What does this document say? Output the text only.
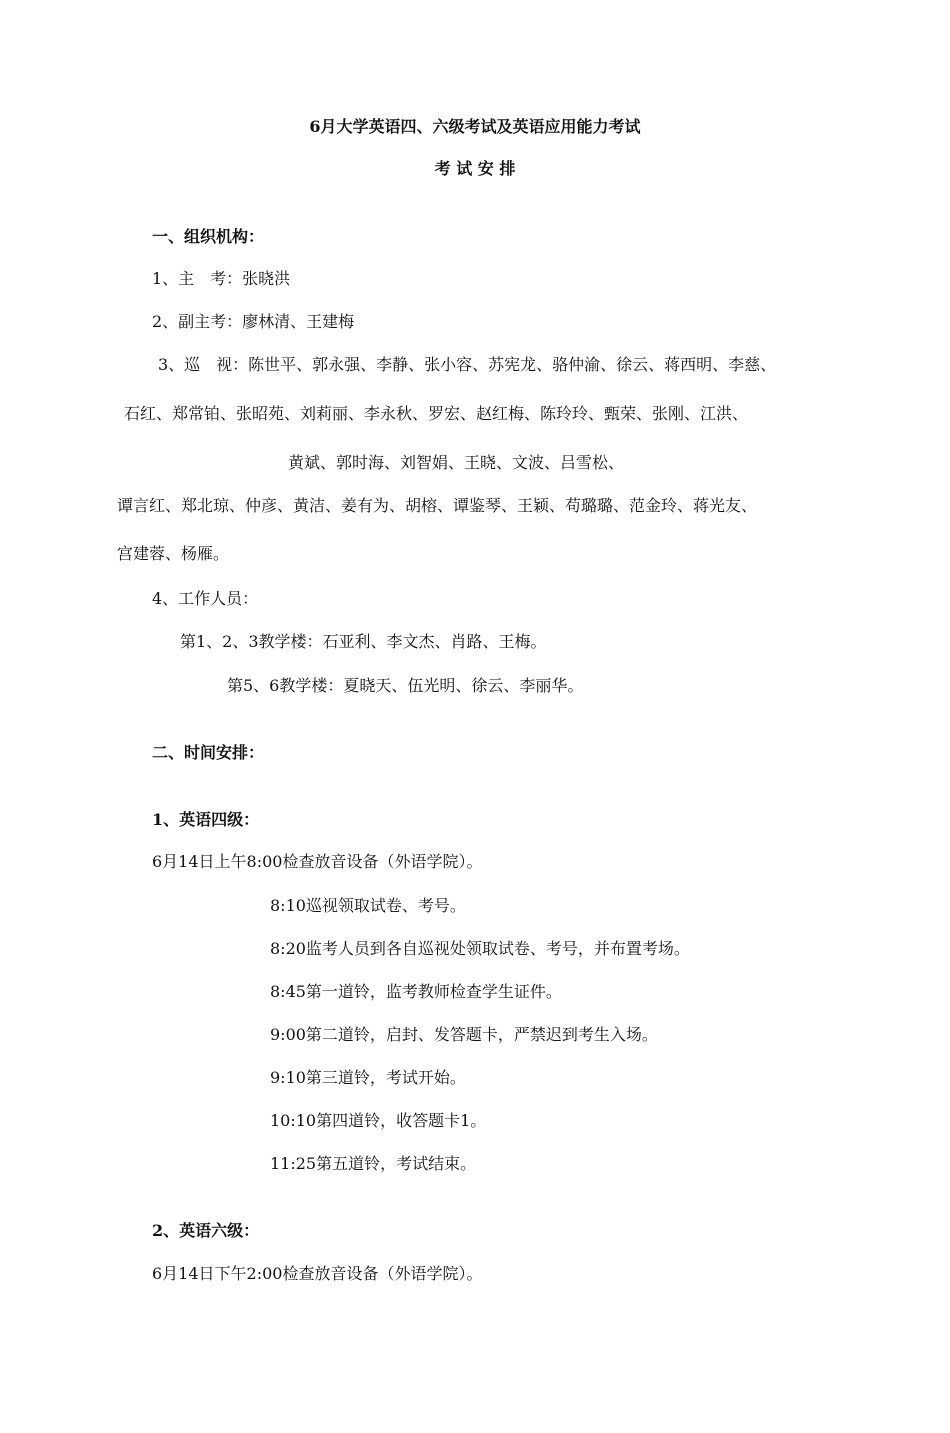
6月大学英语四、六级考试及英语应用能力考试
考 试 安 排
一、组织机构：
1、主　考：张晓洪
2、副主考：廖林清、王建梅
3、巡　视：陈世平、郭永强、李静、张小容、苏宪龙、骆仲渝、徐云、蒋西明、李慈、
石红、郑常铂、张昭苑、刘莉丽、李永秋、罗宏、赵红梅、陈玲玲、甄荣、张刚、江洪、
黄斌、郭时海、刘智娟、王晓、文波、吕雪松、
谭言红、郑北琼、仲彦、黄洁、姜有为、胡榕、谭鉴琴、王颖、苟璐璐、范金玲、蒋光友、
宫建蓉、杨雁。
4、工作人员：
第1、2、3教学楼：石亚利、李文杰、肖路、王梅。
第5、6教学楼：夏晓天、伍光明、徐云、李丽华。
二、时间安排：
1、英语四级：
6月14日上午8:00检查放音设备（外语学院）。
8:10巡视领取试卷、考号。
8:20监考人员到各自巡视处领取试卷、考号，并布置考场。
8:45第一道铃，监考教师检查学生证件。
9:00第二道铃，启封、发答题卡，严禁迟到考生入场。
9:10第三道铃，考试开始。
10:10第四道铃，收答题卡1。
11:25第五道铃，考试结束。
2、英语六级：
6月14日下午2:00检查放音设备（外语学院）。
